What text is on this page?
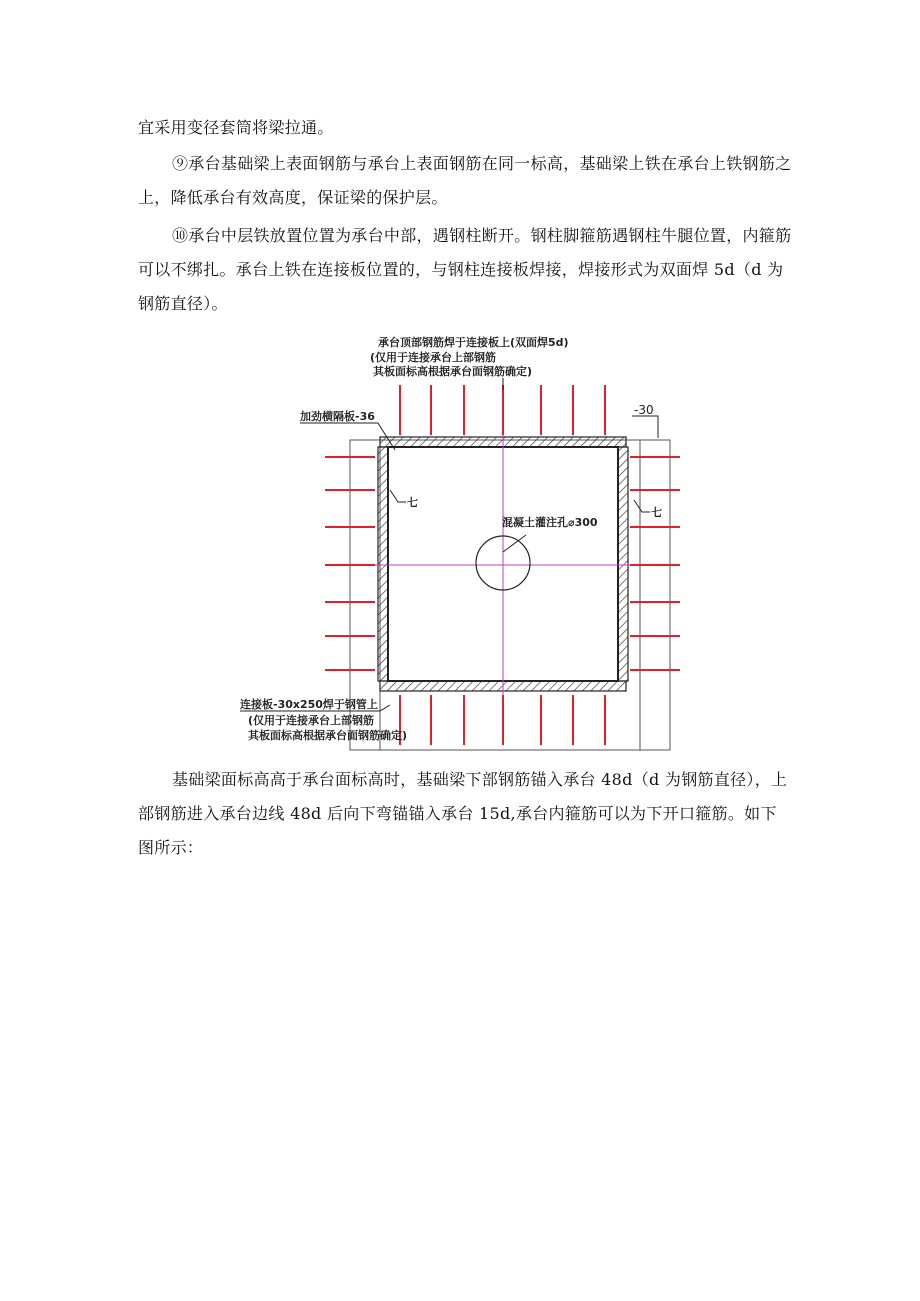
宜采用变径套筒将梁拉通。

⑨承台基础梁上表面钢筋与承台上表面钢筋在同一标高，基础梁上铁在承台上铁钢筋之上，降低承台有效高度，保证梁的保护层。

⑩承台中层铁放置位置为承台中部，遇钢柱断开。钢柱脚箍筋遇钢柱牛腿位置，内箍筋可以不绑扎。承台上铁在连接板位置的，与钢柱连接板焊接，焊接形式为双面焊 5d（d 为钢筋直径）。

承台顶部钢筋焊于连接板上(双面焊5d)
(仅用于连接承台上部钢筋
其板面标高根据承台面钢筋确定)
加劲横隔板-36	-30
混凝土灌注孔⌀300
七
七
连接板-30x250焊于钢管上
(仅用于连接承台上部钢筋
其板面标高根据承台面钢筋确定)

基础梁面标高高于承台面标高时，基础梁下部钢筋锚入承台 48d（d 为钢筋直径），上部钢筋进入承台边线 48d 后向下弯锚锚入承台 15d,承台内箍筋可以为下开口箍筋。如下图所示：
